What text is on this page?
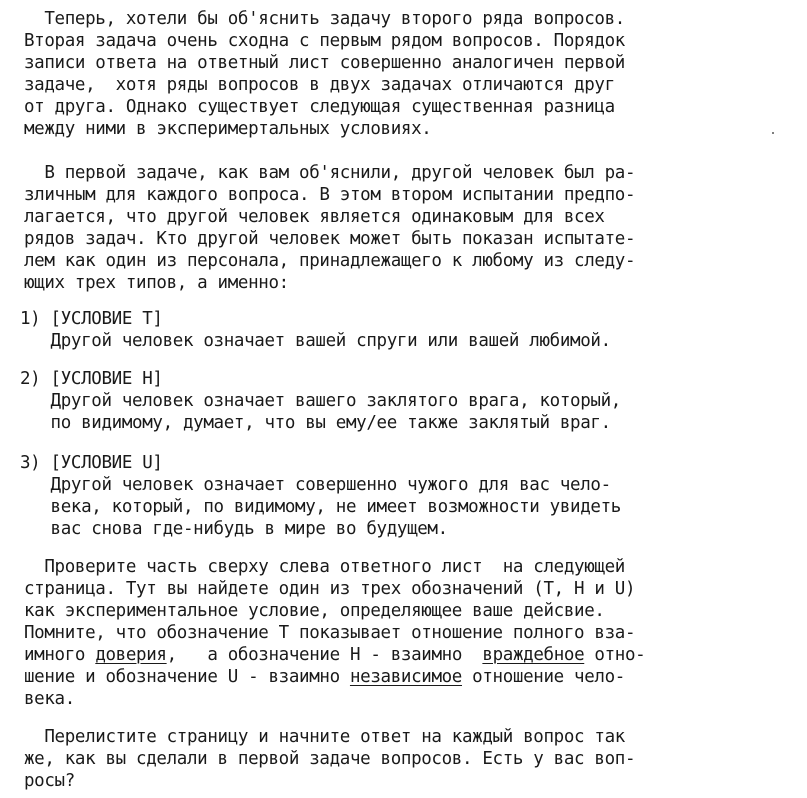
Теперь, хотели бы об'яснить задачу второго ряда вопросов.
Вторая задача очень сходна с первым рядом вопросов. Порядок
записи ответа на ответный лист совершенно аналогичен первой
задаче,  хотя ряды вопросов в двух задачах отличаются друг
от друга. Однако существует следующая существенная разница
между ними в эксперимертальных условиях.
В первой задаче, как вам об'яснили, другой человек был ра-
зличным для каждого вопроса. В этом втором испытании предпо-
лагается, что другой человек является одинаковым для всех
рядов задач. Кто другой человек может быть показан испытате-
лем как один из персонала, принадлежащего к любому из следу-
ющих трех типов, а именно:
1) [УСЛОВИЕ T]
Другой человек означает вашей спруги или вашей любимой.
2) [УСЛОВИЕ H]
Другой человек означает вашего заклятого врага, который,
по видимому, думает, что вы ему/ее также заклятый враг.
3) [УСЛОВИЕ U]
Другой человек означает совершенно чужого для вас чело-
века, который, по видимому, не имеет возможности увидеть
вас снова где-нибудь в мире во будущем.
Проверите часть сверху слева ответного лист  на следующей
страница. Тут вы найдете один из трех обозначений (T, H и U)
как экспериментальное условие, определяющее ваше дейсвие.
Помните, что обозначение T показывает отношение полного вза-
имного доверия,   а обозначение H - взаимно  враждебное отно-
шение и обозначение U - взаимно независимое отношение чело-
века.
Перелистите страницу и начните ответ на каждый вопрос так
же, как вы сделали в первой задаче вопросов. Есть у вас воп-
росы?
